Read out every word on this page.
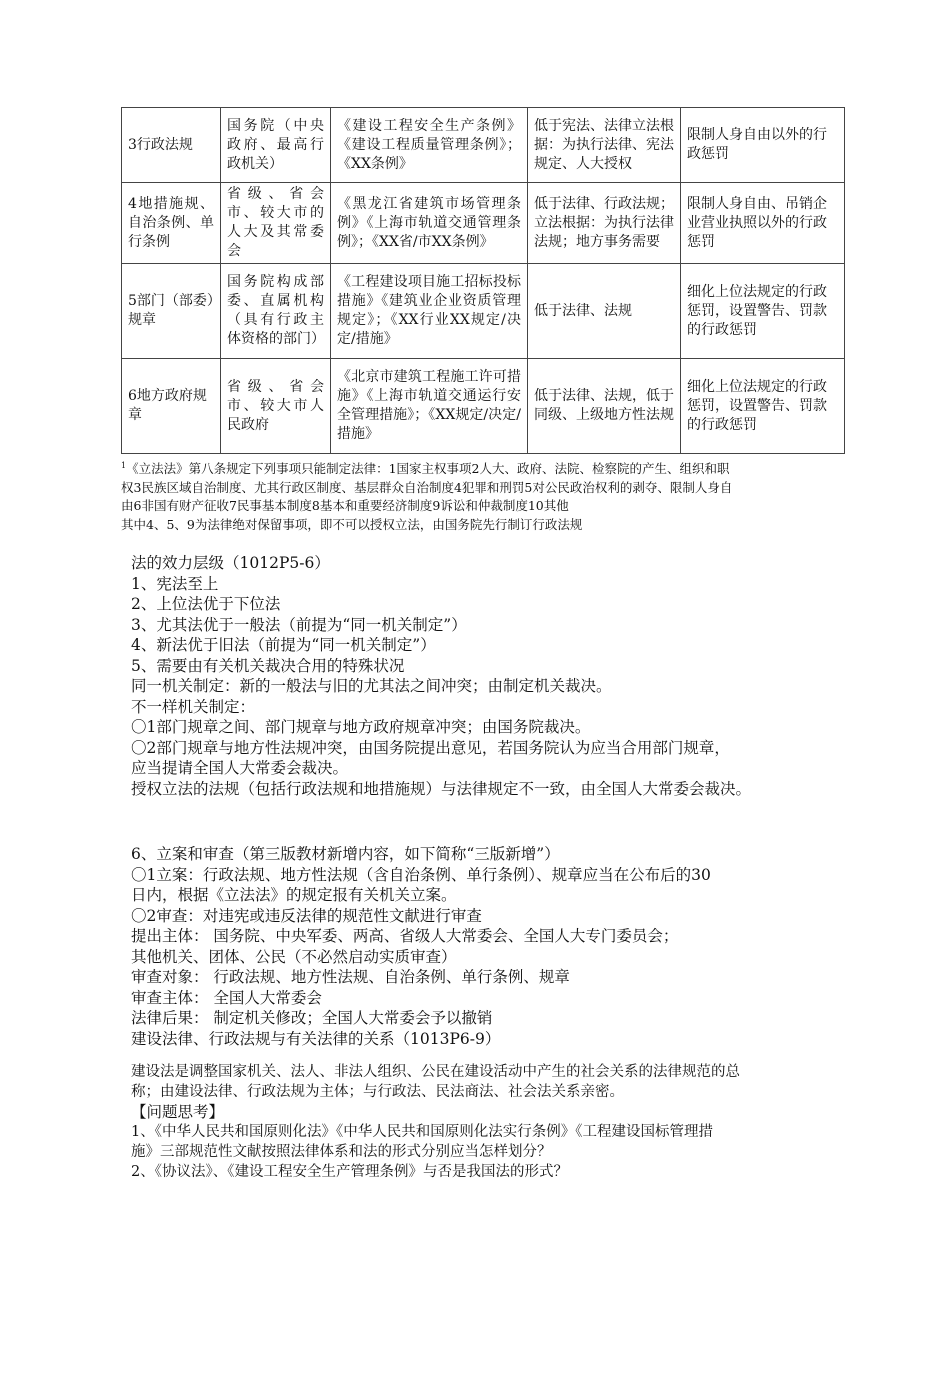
3行政法规	国务院（中央政府、最高行政机关）	《建设工程安全生产条例》《建设工程质量管理条例》；《XX条例》	低于宪法、法律立法根据：为执行法律、宪法规定、人大授权	限制人身自由以外的行政惩罚
4地措施规、自治条例、单行条例	省级、省会市、较大市的人大及其常委会	《黑龙江省建筑市场管理条例》《上海市轨道交通管理条例》；《XX省/市XX条例》	低于法律、行政法规；立法根据：为执行法律法规；地方事务需要	限制人身自由、吊销企业营业执照以外的行政惩罚
5部门（部委）规章	国务院构成部委、直属机构（具有行政主体资格的部门）	《工程建设项目施工招标投标措施》《建筑业企业资质管理规定》；《XX行业XX规定/决定/措施》	低于法律、法规	细化上位法规定的行政惩罚，设置警告、罚款的行政惩罚
6地方政府规章	省级、省会市、较大市人民政府	《北京市建筑工程施工许可措施》《上海市轨道交通运行安全管理措施》；《XX规定/决定/措施》	低于法律、法规，低于同级、上级地方性法规	细化上位法规定的行政惩罚，设置警告、罚款的行政惩罚
$^1$《立法法》第八条规定下列事项只能制定法律：1国家主权事项2人大、政府、法院、检察院的产生、组织和职
权3民族区域自治制度、尤其行政区制度、基层群众自治制度4犯罪和刑罚5对公民政治权利的剥夺、限制人身自
由6非国有财产征收7民事基本制度8基本和重要经济制度9诉讼和仲裁制度10其他
其中4、5、9为法律绝对保留事项，即不可以授权立法，由国务院先行制订行政法规
法的效力层级（1012P5-6）
1、宪法至上
2、上位法优于下位法
3、尤其法优于一般法（前提为“同一机关制定”）
4、新法优于旧法（前提为“同一机关制定”）
5、需要由有关机关裁决合用的特殊状况
同一机关制定：新的一般法与旧的尤其法之间冲突；由制定机关裁决。
不一样机关制定：
〇1部门规章之间、部门规章与地方政府规章冲突；由国务院裁决。
〇2部门规章与地方性法规冲突，由国务院提出意见，若国务院认为应当合用部门规章，
应当提请全国人大常委会裁决。
授权立法的法规（包括行政法规和地措施规）与法律规定不一致，由全国人大常委会裁决。
6、立案和审查（第三版教材新增内容，如下简称“三版新增”）
〇1立案：行政法规、地方性法规（含自治条例、单行条例）、规章应当在公布后的30
日内，根据《立法法》的规定报有关机关立案。
〇2审查：对违宪或违反法律的规范性文献进行审查
提出主体： 国务院、中央军委、两高、省级人大常委会、全国人大专门委员会；
其他机关、团体、公民（不必然启动实质审查）
审查对象： 行政法规、地方性法规、自治条例、单行条例、规章
审查主体： 全国人大常委会
法律后果： 制定机关修改；全国人大常委会予以撤销
建设法律、行政法规与有关法律的关系（1013P6-9）
建设法是调整国家机关、法人、非法人组织、公民在建设活动中产生的社会关系的法律规范的总
称；由建设法律、行政法规为主体；与行政法、民法商法、社会法关系亲密。
【问题思考】
1、《中华人民共和国原则化法》《中华人民共和国原则化法实行条例》《工程建设国标管理措
施》三部规范性文献按照法律体系和法的形式分别应当怎样划分？
2、《协议法》、《建设工程安全生产管理条例》与否是我国法的形式？
